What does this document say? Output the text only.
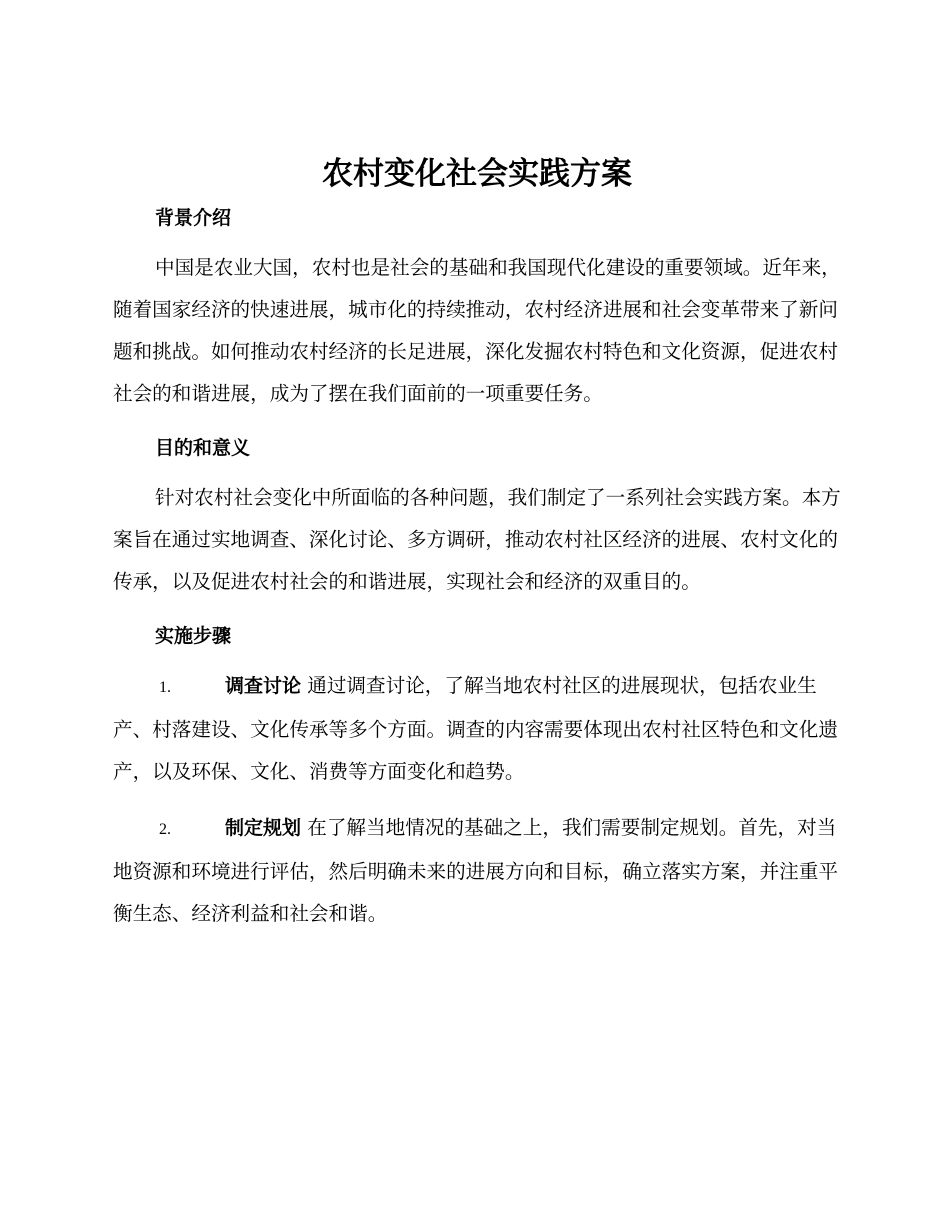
农村变化社会实践方案
背景介绍

中国是农业大国，农村也是社会的基础和我国现代化建设的重要领域。近年来，随着国家经济的快速进展，城市化的持续推动，农村经济进展和社会变革带来了新问题和挑战。如何推动农村经济的长足进展，深化发掘农村特色和文化资源，促进农村社会的和谐进展，成为了摆在我们面前的一项重要任务。

目的和意义

针对农村社会变化中所面临的各种问题，我们制定了一系列社会实践方案。本方案旨在通过实地调查、深化讨论、多方调研，推动农村社区经济的进展、农村文化的传承，以及促进农村社会的和谐进展，实现社会和经济的双重目的。

实施步骤

1.	调查讨论 通过调查讨论，了解当地农村社区的进展现状，包括农业生产、村落建设、文化传承等多个方面。调查的内容需要体现出农村社区特色和文化遗产，以及环保、文化、消费等方面变化和趋势。

2.	制定规划 在了解当地情况的基础之上，我们需要制定规划。首先，对当地资源和环境进行评估，然后明确未来的进展方向和目标，确立落实方案，并注重平衡生态、经济利益和社会和谐。
